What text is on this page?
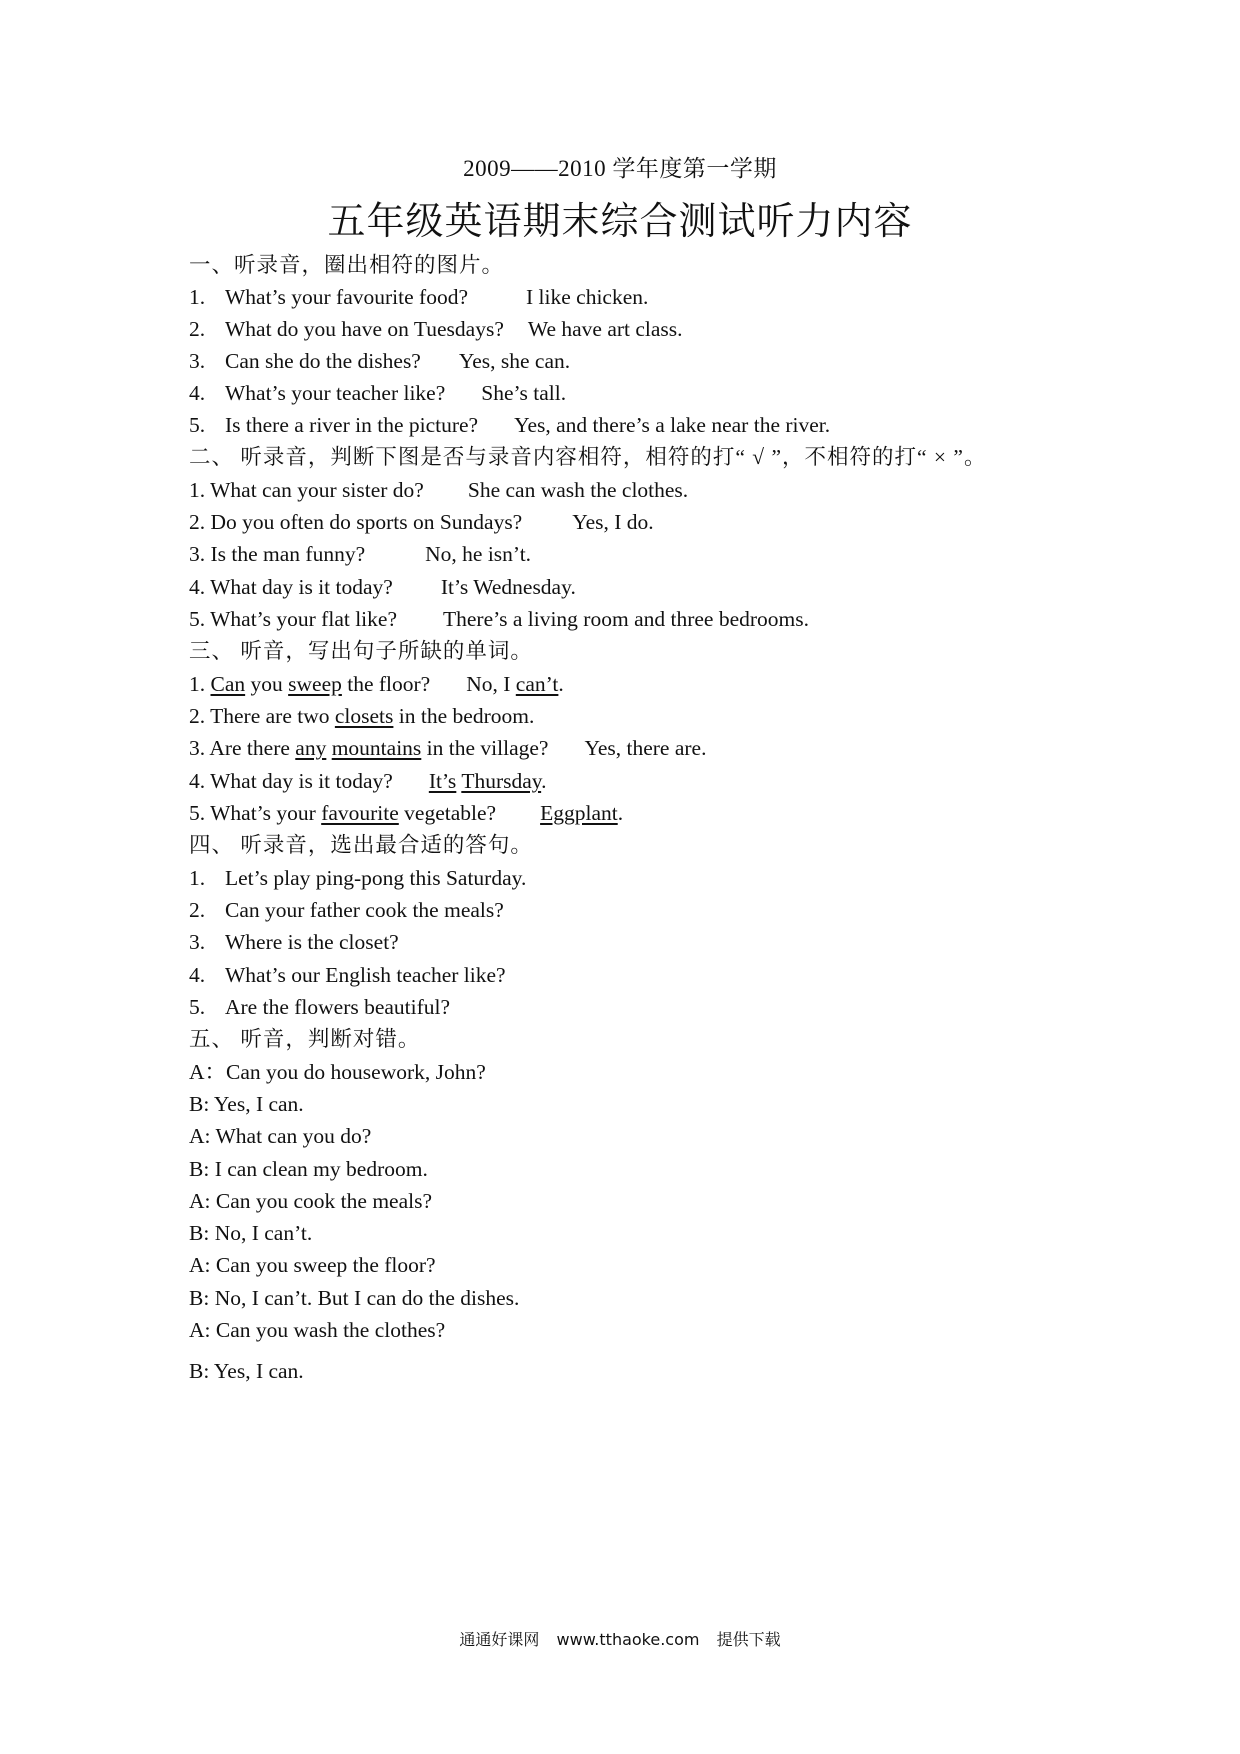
2009——2010 学年度第一学期
五年级英语期末综合测试听力内容
一、听录音，圈出相符的图片。
1. What’s your favourite food?	I like chicken.
2. What do you have on Tuesdays? We have art class.
3. Can she do the dishes? Yes, she can.
4. What’s your teacher like? She’s tall.
5. Is there a river in the picture? Yes, and there’s a lake near the river.
二、 听录音，判断下图是否与录音内容相符，相符的打“ √ ”，不相符的打“ × ”。
1. What can your sister do? She can wash the clothes.
2. Do you often do sports on Sundays? Yes, I do.
3. Is the man funny?	No, he isn’t.
4. What day is it today? It’s Wednesday.
5. What’s your flat like? There’s a living room and three bedrooms.
三、 听音，写出句子所缺的单词。
1. Can you sweep the floor? No, I can’t.
2. There are two closets in the bedroom.
3. Are there any mountains in the village? Yes, there are.
4. What day is it today? It’s Thursday.
5. What’s your favourite vegetable? Eggplant.
四、 听录音，选出最合适的答句。
1. Let’s play ping-pong this Saturday.
2. Can your father cook the meals?
3. Where is the closet?
4. What’s our English teacher like?
5. Are the flowers beautiful?
五、 听音，判断对错。
A：Can you do housework, John?
B: Yes, I can.
A: What can you do?
B: I can clean my bedroom.
A: Can you cook the meals?
B: No, I can’t.
A: Can you sweep the floor?
B: No, I can’t. But I can do the dishes.
A: Can you wash the clothes?
B: Yes, I can.
通通好课网 www.tthaoke.com 提供下载
